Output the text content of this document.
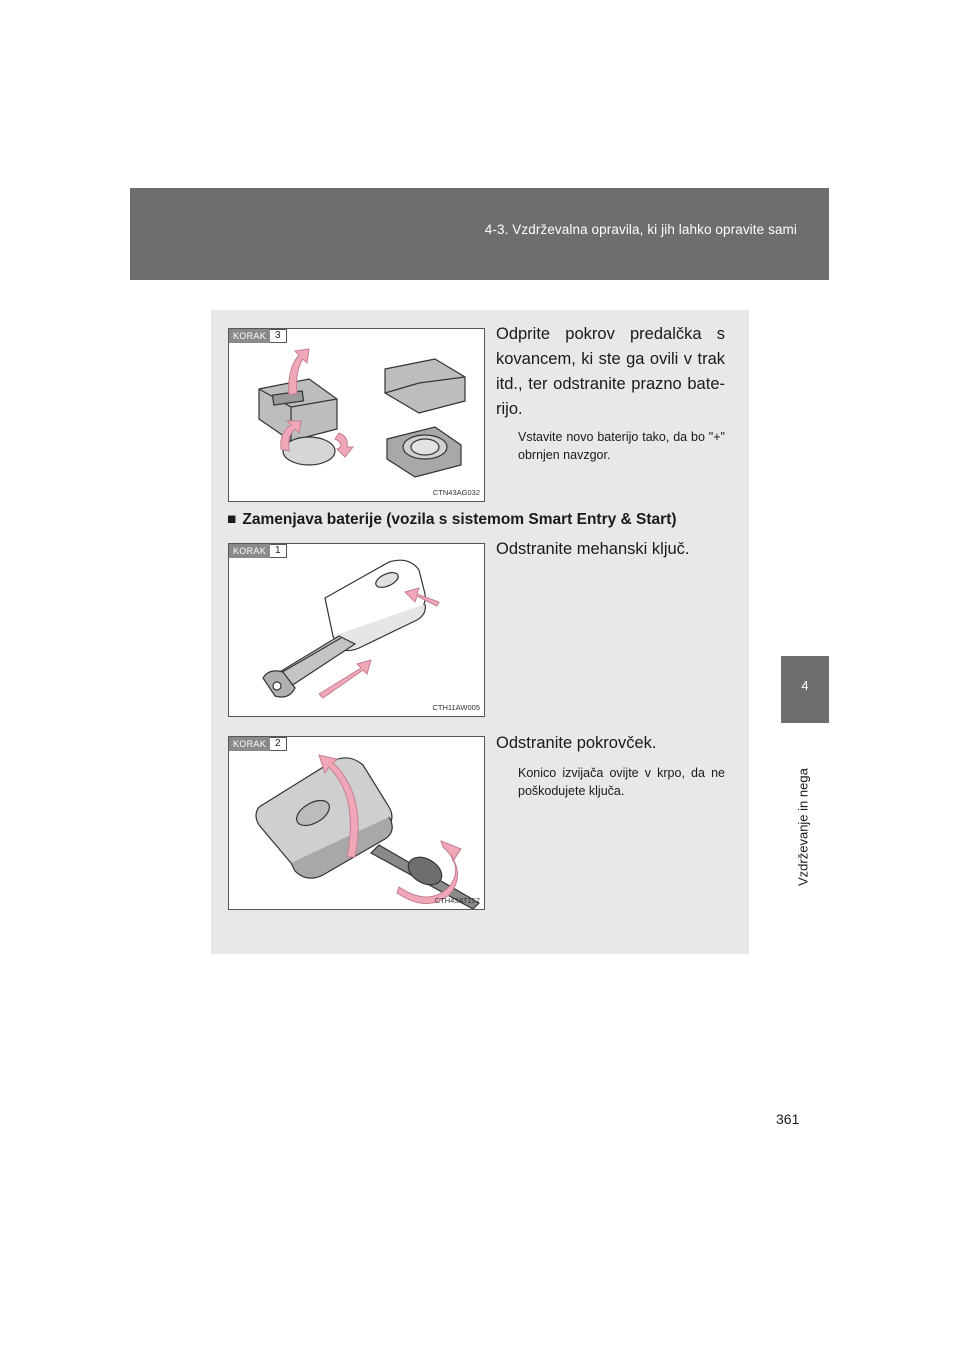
4-3. Vzdrževalna opravila, ki jih lahko opravite sami
4
Vzdrževanje in nega
KORAK 3
CTN43AG032
Odprite pokrov predalčka s kovancem, ki ste ga ovili v trak itd., ter odstranite prazno bate-rijo.
Vstavite novo baterijo tako, da bo "+" obrnjen navzgor.
■ Zamenjava baterije (vozila s sistemom Smart Entry & Start)
KORAK 1
CTH11AW005
Odstranite mehanski ključ.
KORAK 2
CTH43AT157
Odstranite pokrovček.
Konico izvijača ovijte v krpo, da ne poškodujete ključa.
361
